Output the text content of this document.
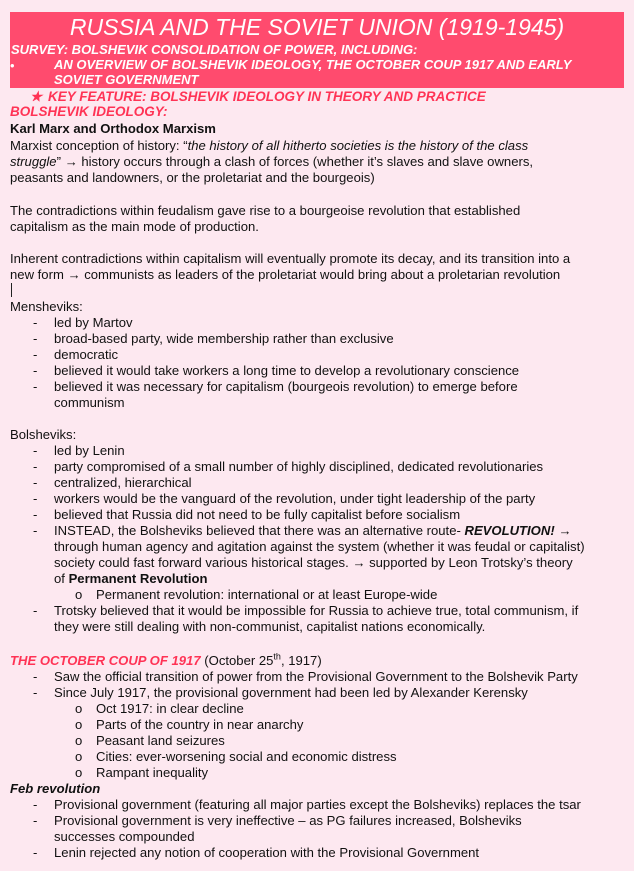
RUSSIA AND THE SOVIET UNION (1919-1945)
SURVEY: BOLSHEVIK CONSOLIDATION OF POWER, INCLUDING:
•	AN OVERVIEW OF BOLSHEVIK IDEOLOGY, THE OCTOBER COUP 1917 AND EARLY SOVIET GOVERNMENT
★ KEY FEATURE: BOLSHEVIK IDEOLOGY IN THEORY AND PRACTICE
BOLSHEVIK IDEOLOGY:
Karl Marx and Orthodox Marxism
Marxist conception of history: “the history of all hitherto societies is the history of the class
struggle” → history occurs through a clash of forces (whether it’s slaves and slave owners,
peasants and landowners, or the proletariat and the bourgeois)
The contradictions within feudalism gave rise to a bourgeoise revolution that established
capitalism as the main mode of production.
Inherent contradictions within capitalism will eventually promote its decay, and its transition into a
new form → communists as leaders of the proletariat would bring about a proletarian revolution
Mensheviks:
- led by Martov
- broad-based party, wide membership rather than exclusive
- democratic
- believed it would take workers a long time to develop a revolutionary conscience
- believed it was necessary for capitalism (bourgeois revolution) to emerge before
communism
Bolsheviks:
- led by Lenin
- party compromised of a small number of highly disciplined, dedicated revolutionaries
- centralized, hierarchical
- workers would be the vanguard of the revolution, under tight leadership of the party
- believed that Russia did not need to be fully capitalist before socialism
- INSTEAD, the Bolsheviks believed that there was an alternative route- REVOLUTION! →
through human agency and agitation against the system (whether it was feudal or capitalist)
society could fast forward various historical stages. → supported by Leon Trotsky’s theory
of Permanent Revolution
o Permanent revolution: international or at least Europe-wide
- Trotsky believed that it would be impossible for Russia to achieve true, total communism, if
they were still dealing with non-communist, capitalist nations economically.
THE OCTOBER COUP OF 1917 (October 25th, 1917)
- Saw the official transition of power from the Provisional Government to the Bolshevik Party
- Since July 1917, the provisional government had been led by Alexander Kerensky
o Oct 1917: in clear decline
o Parts of the country in near anarchy
o Peasant land seizures
o Cities: ever-worsening social and economic distress
o Rampant inequality
Feb revolution
- Provisional government (featuring all major parties except the Bolsheviks) replaces the tsar
- Provisional government is very ineffective – as PG failures increased, Bolsheviks
successes compounded
- Lenin rejected any notion of cooperation with the Provisional Government
